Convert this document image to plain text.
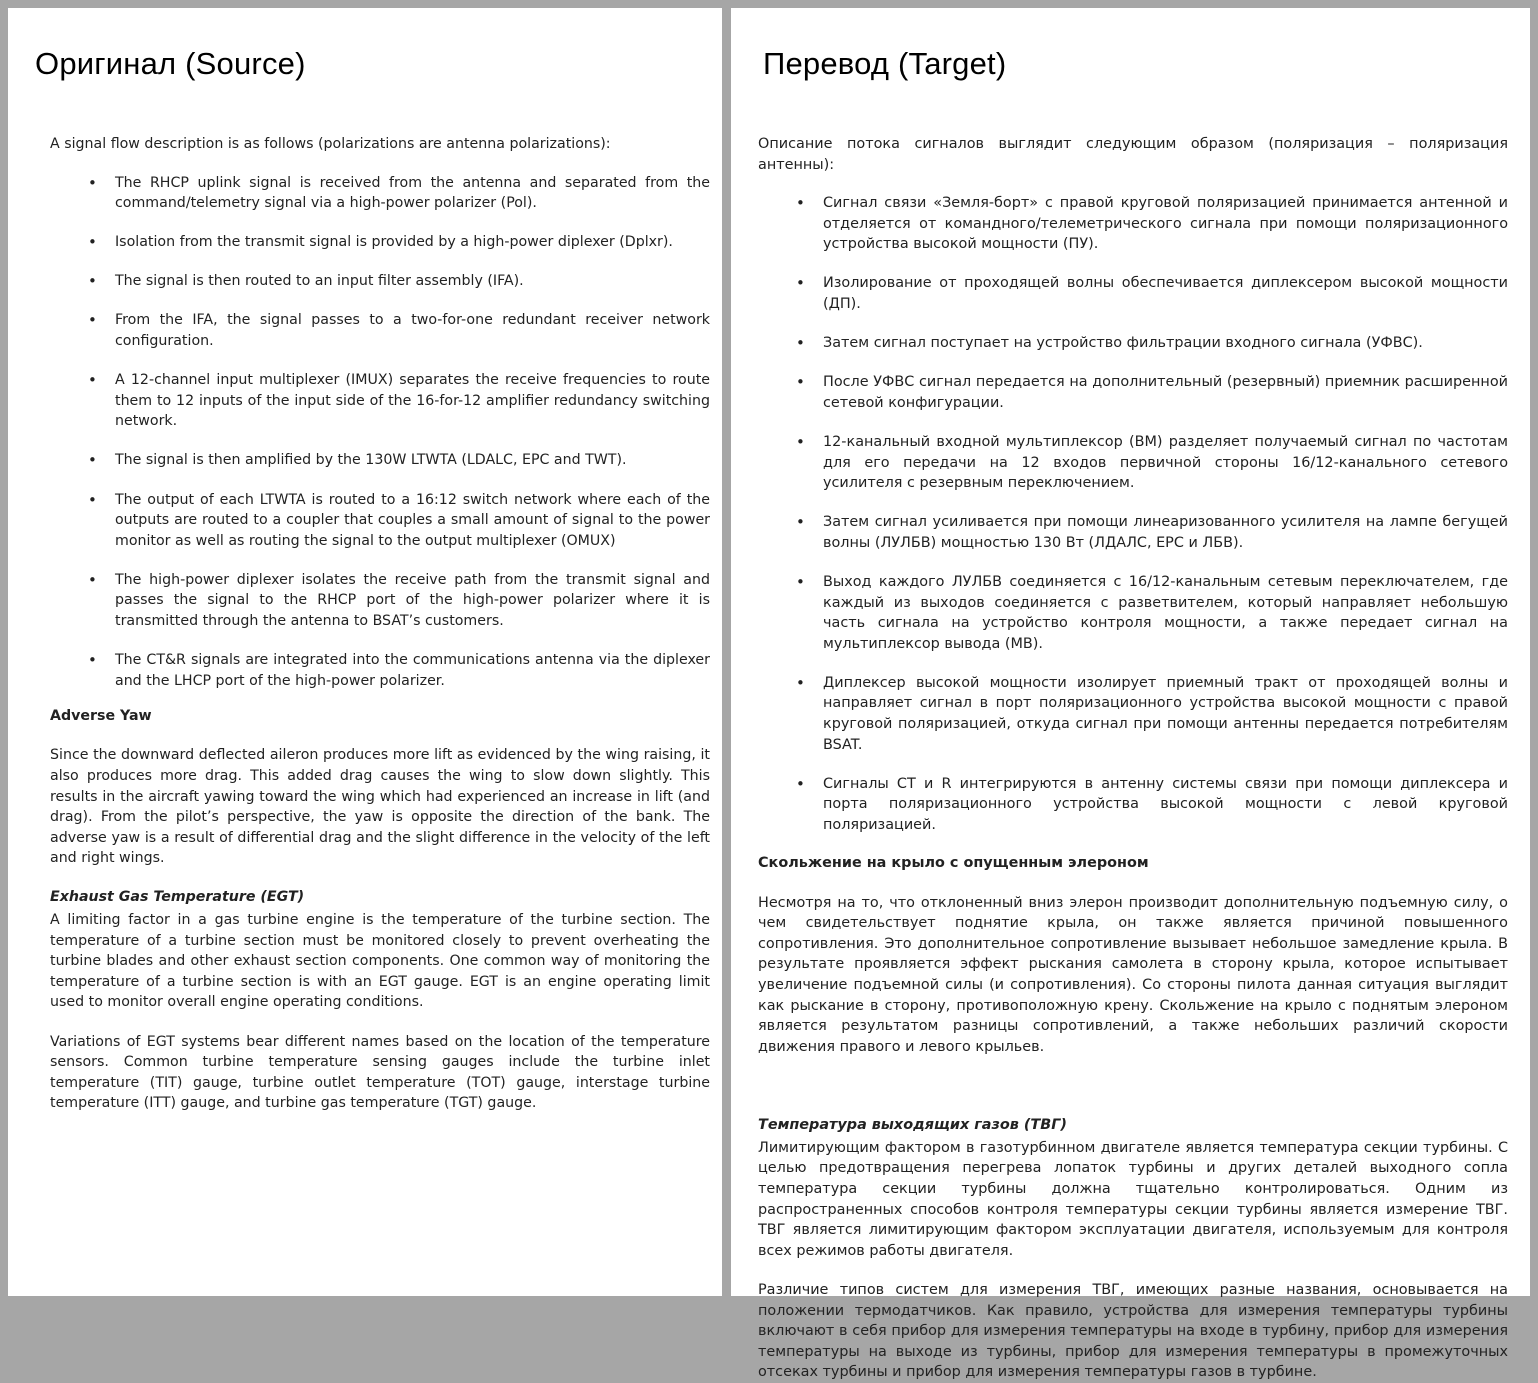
Оригинал (Source)

A signal flow description is as follows (polarizations are antenna polarizations):

• The RHCP uplink signal is received from the antenna and separated from the command/telemetry signal via a high-power polarizer (Pol).
• Isolation from the transmit signal is provided by a high-power diplexer (Dplxr).
• The signal is then routed to an input filter assembly (IFA).
• From the IFA, the signal passes to a two-for-one redundant receiver network configuration.
• A 12-channel input multiplexer (IMUX) separates the receive frequencies to route them to 12 inputs of the input side of the 16-for-12 amplifier redundancy switching network.
• The signal is then amplified by the 130W LTWTA (LDALC, EPC and TWT).
• The output of each LTWTA is routed to a 16:12 switch network where each of the outputs are routed to a coupler that couples a small amount of signal to the power monitor as well as routing the signal to the output multiplexer (OMUX)
• The high-power diplexer isolates the receive path from the transmit signal and passes the signal to the RHCP port of the high-power polarizer where it is transmitted through the antenna to BSAT’s customers.
• The CT&R signals are integrated into the communications antenna via the diplexer and the LHCP port of the high-power polarizer.

Adverse Yaw

Since the downward deflected aileron produces more lift as evidenced by the wing raising, it also produces more drag. This added drag causes the wing to slow down slightly. This results in the aircraft yawing toward the wing which had experienced an increase in lift (and drag). From the pilot’s perspective, the yaw is opposite the direction of the bank. The adverse yaw is a result of differential drag and the slight difference in the velocity of the left and right wings.

Exhaust Gas Temperature (EGT)

A limiting factor in a gas turbine engine is the temperature of the turbine section. The temperature of a turbine section must be monitored closely to prevent overheating the turbine blades and other exhaust section components. One common way of monitoring the temperature of a turbine section is with an EGT gauge. EGT is an engine operating limit used to monitor overall engine operating conditions.

Variations of EGT systems bear different names based on the location of the temperature sensors. Common turbine temperature sensing gauges include the turbine inlet temperature (TIT) gauge, turbine outlet temperature (TOT) gauge, interstage turbine temperature (ITT) gauge, and turbine gas temperature (TGT) gauge.

Перевод (Target)

Описание потока сигналов выглядит следующим образом (поляризация – поляризация антенны):

• Сигнал связи «Земля-борт» с правой круговой поляризацией принимается антенной и отделяется от командного/телеметрического сигнала при помощи поляризационного устройства высокой мощности (ПУ).
• Изолирование от проходящей волны обеспечивается диплексером высокой мощности (ДП).
• Затем сигнал поступает на устройство фильтрации входного сигнала (УФВС).
• После УФВС сигнал передается на дополнительный (резервный) приемник расширенной сетевой конфигурации.
• 12-канальный входной мультиплексор (ВМ) разделяет получаемый сигнал по частотам для его передачи на 12 входов первичной стороны 16/12-канального сетевого усилителя с резервным переключением.
• Затем сигнал усиливается при помощи линеаризованного усилителя на лампе бегущей волны (ЛУЛБВ) мощностью 130 Вт (ЛДАЛС, ЕРС и ЛБВ).
• Выход каждого ЛУЛБВ соединяется с 16/12-канальным сетевым переключателем, где каждый из выходов соединяется с разветвителем, который направляет небольшую часть сигнала на устройство контроля мощности, а также передает сигнал на мультиплексор вывода (МВ).
• Диплексер высокой мощности изолирует приемный тракт от проходящей волны и направляет сигнал в порт поляризационного устройства высокой мощности с правой круговой поляризацией, откуда сигнал при помощи антенны передается потребителям BSAT.
• Сигналы CT и R интегрируются в антенну системы связи при помощи диплексера и порта поляризационного устройства высокой мощности с левой круговой поляризацией.

Скольжение на крыло с опущенным элероном

Несмотря на то, что отклоненный вниз элерон производит дополнительную подъемную силу, о чем свидетельствует поднятие крыла, он также является причиной повышенного сопротивления. Это дополнительное сопротивление вызывает небольшое замедление крыла. В результате проявляется эффект рыскания самолета в сторону крыла, которое испытывает увеличение подъемной силы (и сопротивления). Со стороны пилота данная ситуация выглядит как рыскание в сторону, противоположную крену. Скольжение на крыло с поднятым элероном является результатом разницы сопротивлений, а также небольших различий скорости движения правого и левого крыльев.

Температура выходящих газов (ТВГ)

Лимитирующим фактором в газотурбинном двигателе является температура секции турбины. С целью предотвращения перегрева лопаток турбины и других деталей выходного сопла температура секции турбины должна тщательно контролироваться. Одним из распространенных способов контроля температуры секции турбины является измерение ТВГ. ТВГ является лимитирующим фактором эксплуатации двигателя, используемым для контроля всех режимов работы двигателя.

Различие типов систем для измерения ТВГ, имеющих разные названия, основывается на положении термодатчиков. Как правило, устройства для измерения температуры турбины включают в себя прибор для измерения температуры на входе в турбину, прибор для измерения температуры на выходе из турбины, прибор для измерения температуры в промежуточных отсеках турбины и прибор для измерения температуры газов в турбине.
